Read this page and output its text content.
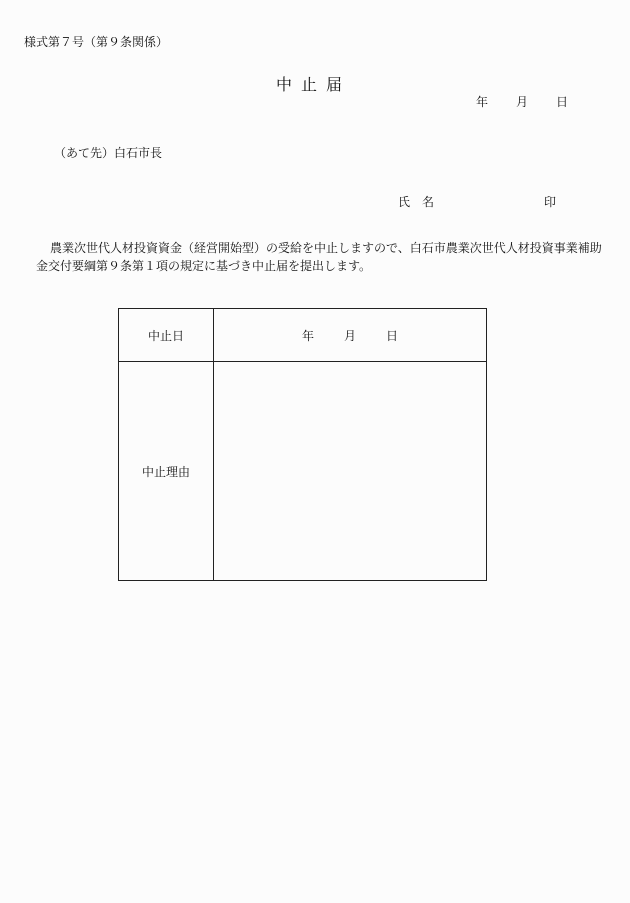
様式第７号（第９条関係）
中止届
年 月 日
（あて先）白石市長
氏　名	印
農業次世代人材投資資金（経営開始型）の受給を中止しますので、白石市農業次世代人材投資事業補助金交付要綱第９条第１項の規定に基づき中止届を提出します。
中止日	年 月 日
中止理由	
